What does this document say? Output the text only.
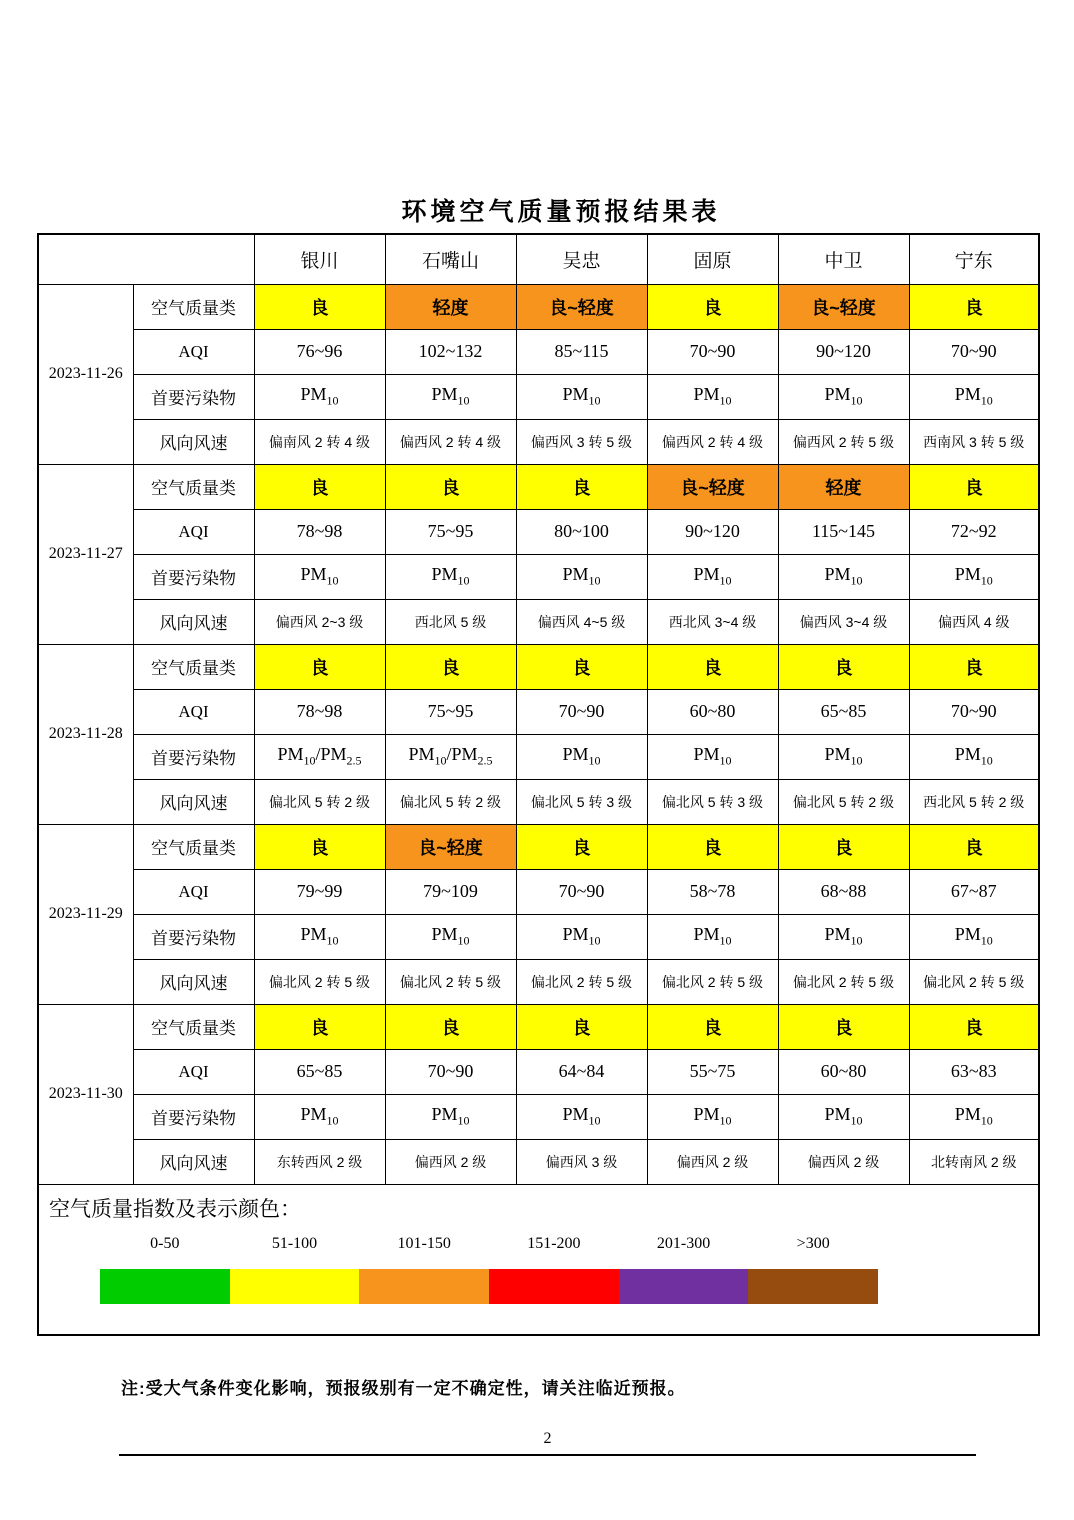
环境空气质量预报结果表
		银川	石嘴山	吴忠	固原	中卫	宁东
2023-11-26	空气质量类	良	轻度	良~轻度	良	良~轻度	良
	AQI	76~96	102~132	85~115	70~90	90~120	70~90
	首要污染物	$PM_{10}$	$PM_{10}$	$PM_{10}$	$PM_{10}$	$PM_{10}$	$PM_{10}$
	风向风速	偏南风 2 转 4 级	偏西风 2 转 4 级	偏西风 3 转 5 级	偏西风 2 转 4 级	偏西风 2 转 5 级	西南风 3 转 5 级
2023-11-27	空气质量类	良	良	良	良~轻度	轻度	良
	AQI	78~98	75~95	80~100	90~120	115~145	72~92
	首要污染物	$PM_{10}$	$PM_{10}$	$PM_{10}$	$PM_{10}$	$PM_{10}$	$PM_{10}$
	风向风速	偏西风 2~3 级	西北风 5 级	偏西风 4~5 级	西北风 3~4 级	偏西风 3~4 级	偏西风 4 级
2023-11-28	空气质量类	良	良	良	良	良	良
	AQI	78~98	75~95	70~90	60~80	65~85	70~90
	首要污染物	$PM_{10}/PM_{2.5}$	$PM_{10}/PM_{2.5}$	$PM_{10}$	$PM_{10}$	$PM_{10}$	$PM_{10}$
	风向风速	偏北风 5 转 2 级	偏北风 5 转 2 级	偏北风 5 转 3 级	偏北风 5 转 3 级	偏北风 5 转 2 级	西北风 5 转 2 级
2023-11-29	空气质量类	良	良~轻度	良	良	良	良
	AQI	79~99	79~109	70~90	58~78	68~88	67~87
	首要污染物	$PM_{10}$	$PM_{10}$	$PM_{10}$	$PM_{10}$	$PM_{10}$	$PM_{10}$
	风向风速	偏北风 2 转 5 级	偏北风 2 转 5 级	偏北风 2 转 5 级	偏北风 2 转 5 级	偏北风 2 转 5 级	偏北风 2 转 5 级
2023-11-30	空气质量类	良	良	良	良	良	良
	AQI	65~85	70~90	64~84	55~75	60~80	63~83
	首要污染物	$PM_{10}$	$PM_{10}$	$PM_{10}$	$PM_{10}$	$PM_{10}$	$PM_{10}$
	风向风速	东转西风 2 级	偏西风 2 级	偏西风 3 级	偏西风 2 级	偏西风 2 级	北转南风 2 级

空气质量指数及表示颜色：
0-50	51-100	101-150	151-200	201-300	>300
注:受大气条件变化影响，预报级别有一定不确定性，请关注临近预报。
2
